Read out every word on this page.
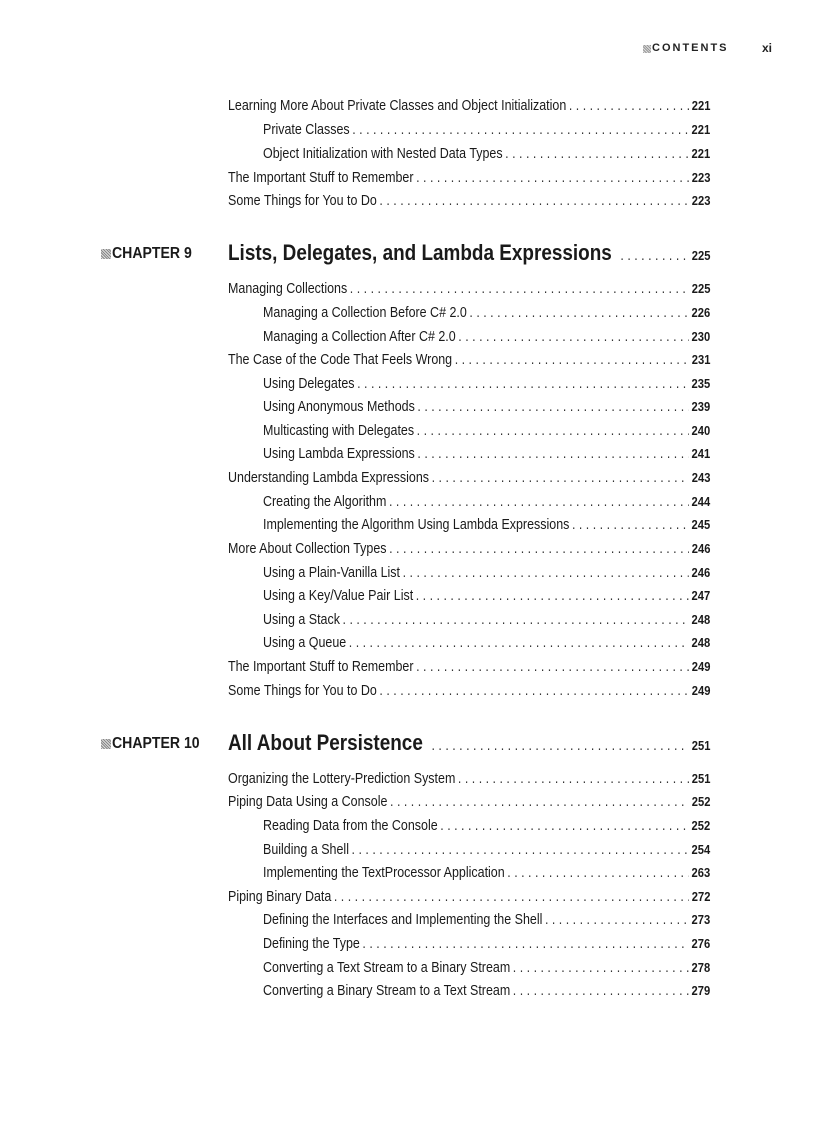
CONTENTS	xi
Learning More About Private Classes and Object Initialization . . .	221
Private Classes . . .	221
Object Initialization with Nested Data Types . . .	221
The Important Stuff to Remember . . .	223
Some Things for You to Do . . .	223
CHAPTER 9 Lists, Delegates, and Lambda Expressions . . .	225
Managing Collections . . .	225
Managing a Collection Before C# 2.0 . . .	226
Managing a Collection After C# 2.0 . . .	230
The Case of the Code That Feels Wrong . . .	231
Using Delegates . . .	235
Using Anonymous Methods . . .	239
Multicasting with Delegates . . .	240
Using Lambda Expressions . . .	241
Understanding Lambda Expressions . . .	243
Creating the Algorithm . . .	244
Implementing the Algorithm Using Lambda Expressions . . .	245
More About Collection Types . . .	246
Using a Plain-Vanilla List . . .	246
Using a Key/Value Pair List . . .	247
Using a Stack . . .	248
Using a Queue . . .	248
The Important Stuff to Remember . . .	249
Some Things for You to Do . . .	249
CHAPTER 10 All About Persistence . . .	251
Organizing the Lottery-Prediction System . . .	251
Piping Data Using a Console . . .	252
Reading Data from the Console . . .	252
Building a Shell . . .	254
Implementing the TextProcessor Application . . .	263
Piping Binary Data . . .	272
Defining the Interfaces and Implementing the Shell . . .	273
Defining the Type . . .	276
Converting a Text Stream to a Binary Stream . . .	278
Converting a Binary Stream to a Text Stream . . .	279
